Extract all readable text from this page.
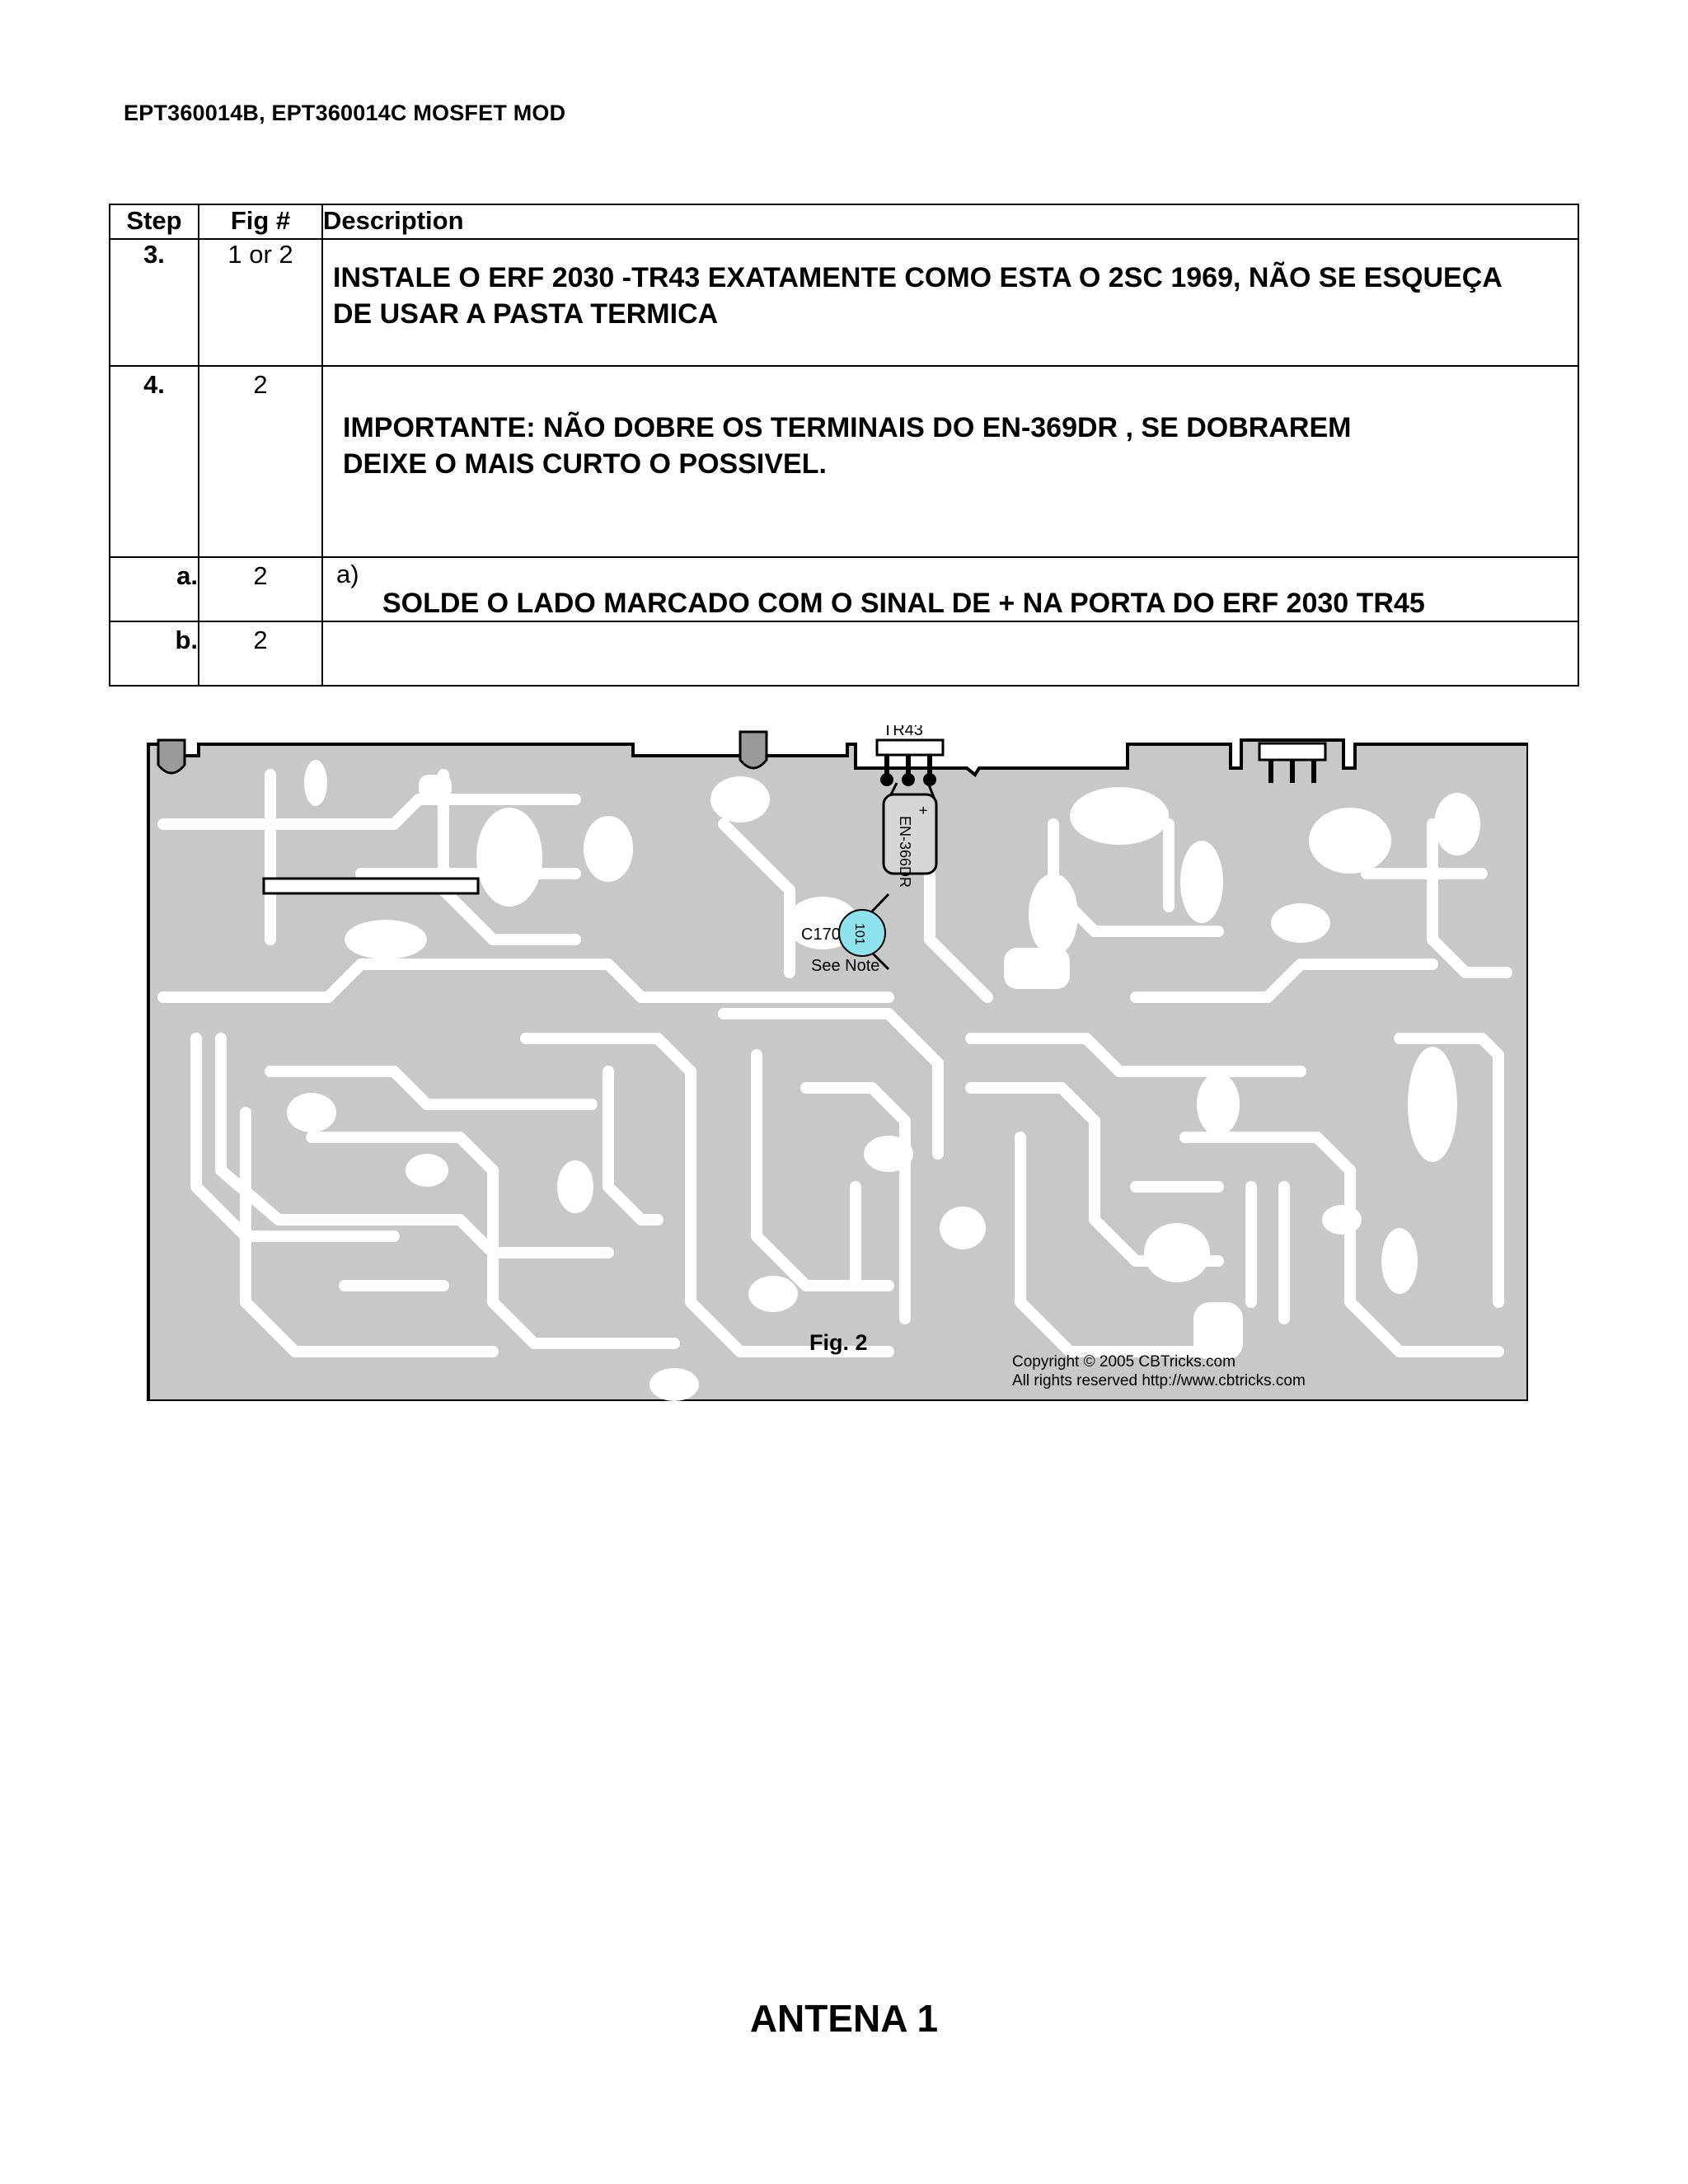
EPT360014B, EPT360014C MOSFET MOD
Step	Fig #	Description
3.	1 or 2	INSTALE O ERF 2030 -TR43 EXATAMENTE COMO ESTA O 2SC 1969, NÃO SE ESQUEÇA
DE USAR A PASTA TERMICA

4.	2	IMPORTANTE: NÃO DOBRE OS TERMINAIS DO EN-369DR , SE DOBRAREM
DEIXE O MAIS CURTO O POSSIVEL.

a.	2	a)
SOLDE O LADO MARCADO COM O SINAL DE + NA PORTA DO ERF 2030 TR45

b.	2	
TR43
+
EN-366DR
101
C170
See Note
Fig. 2
Copyright © 2005 CBTricks.com
All rights reserved http://www.cbtricks.com
ANTENA 1
